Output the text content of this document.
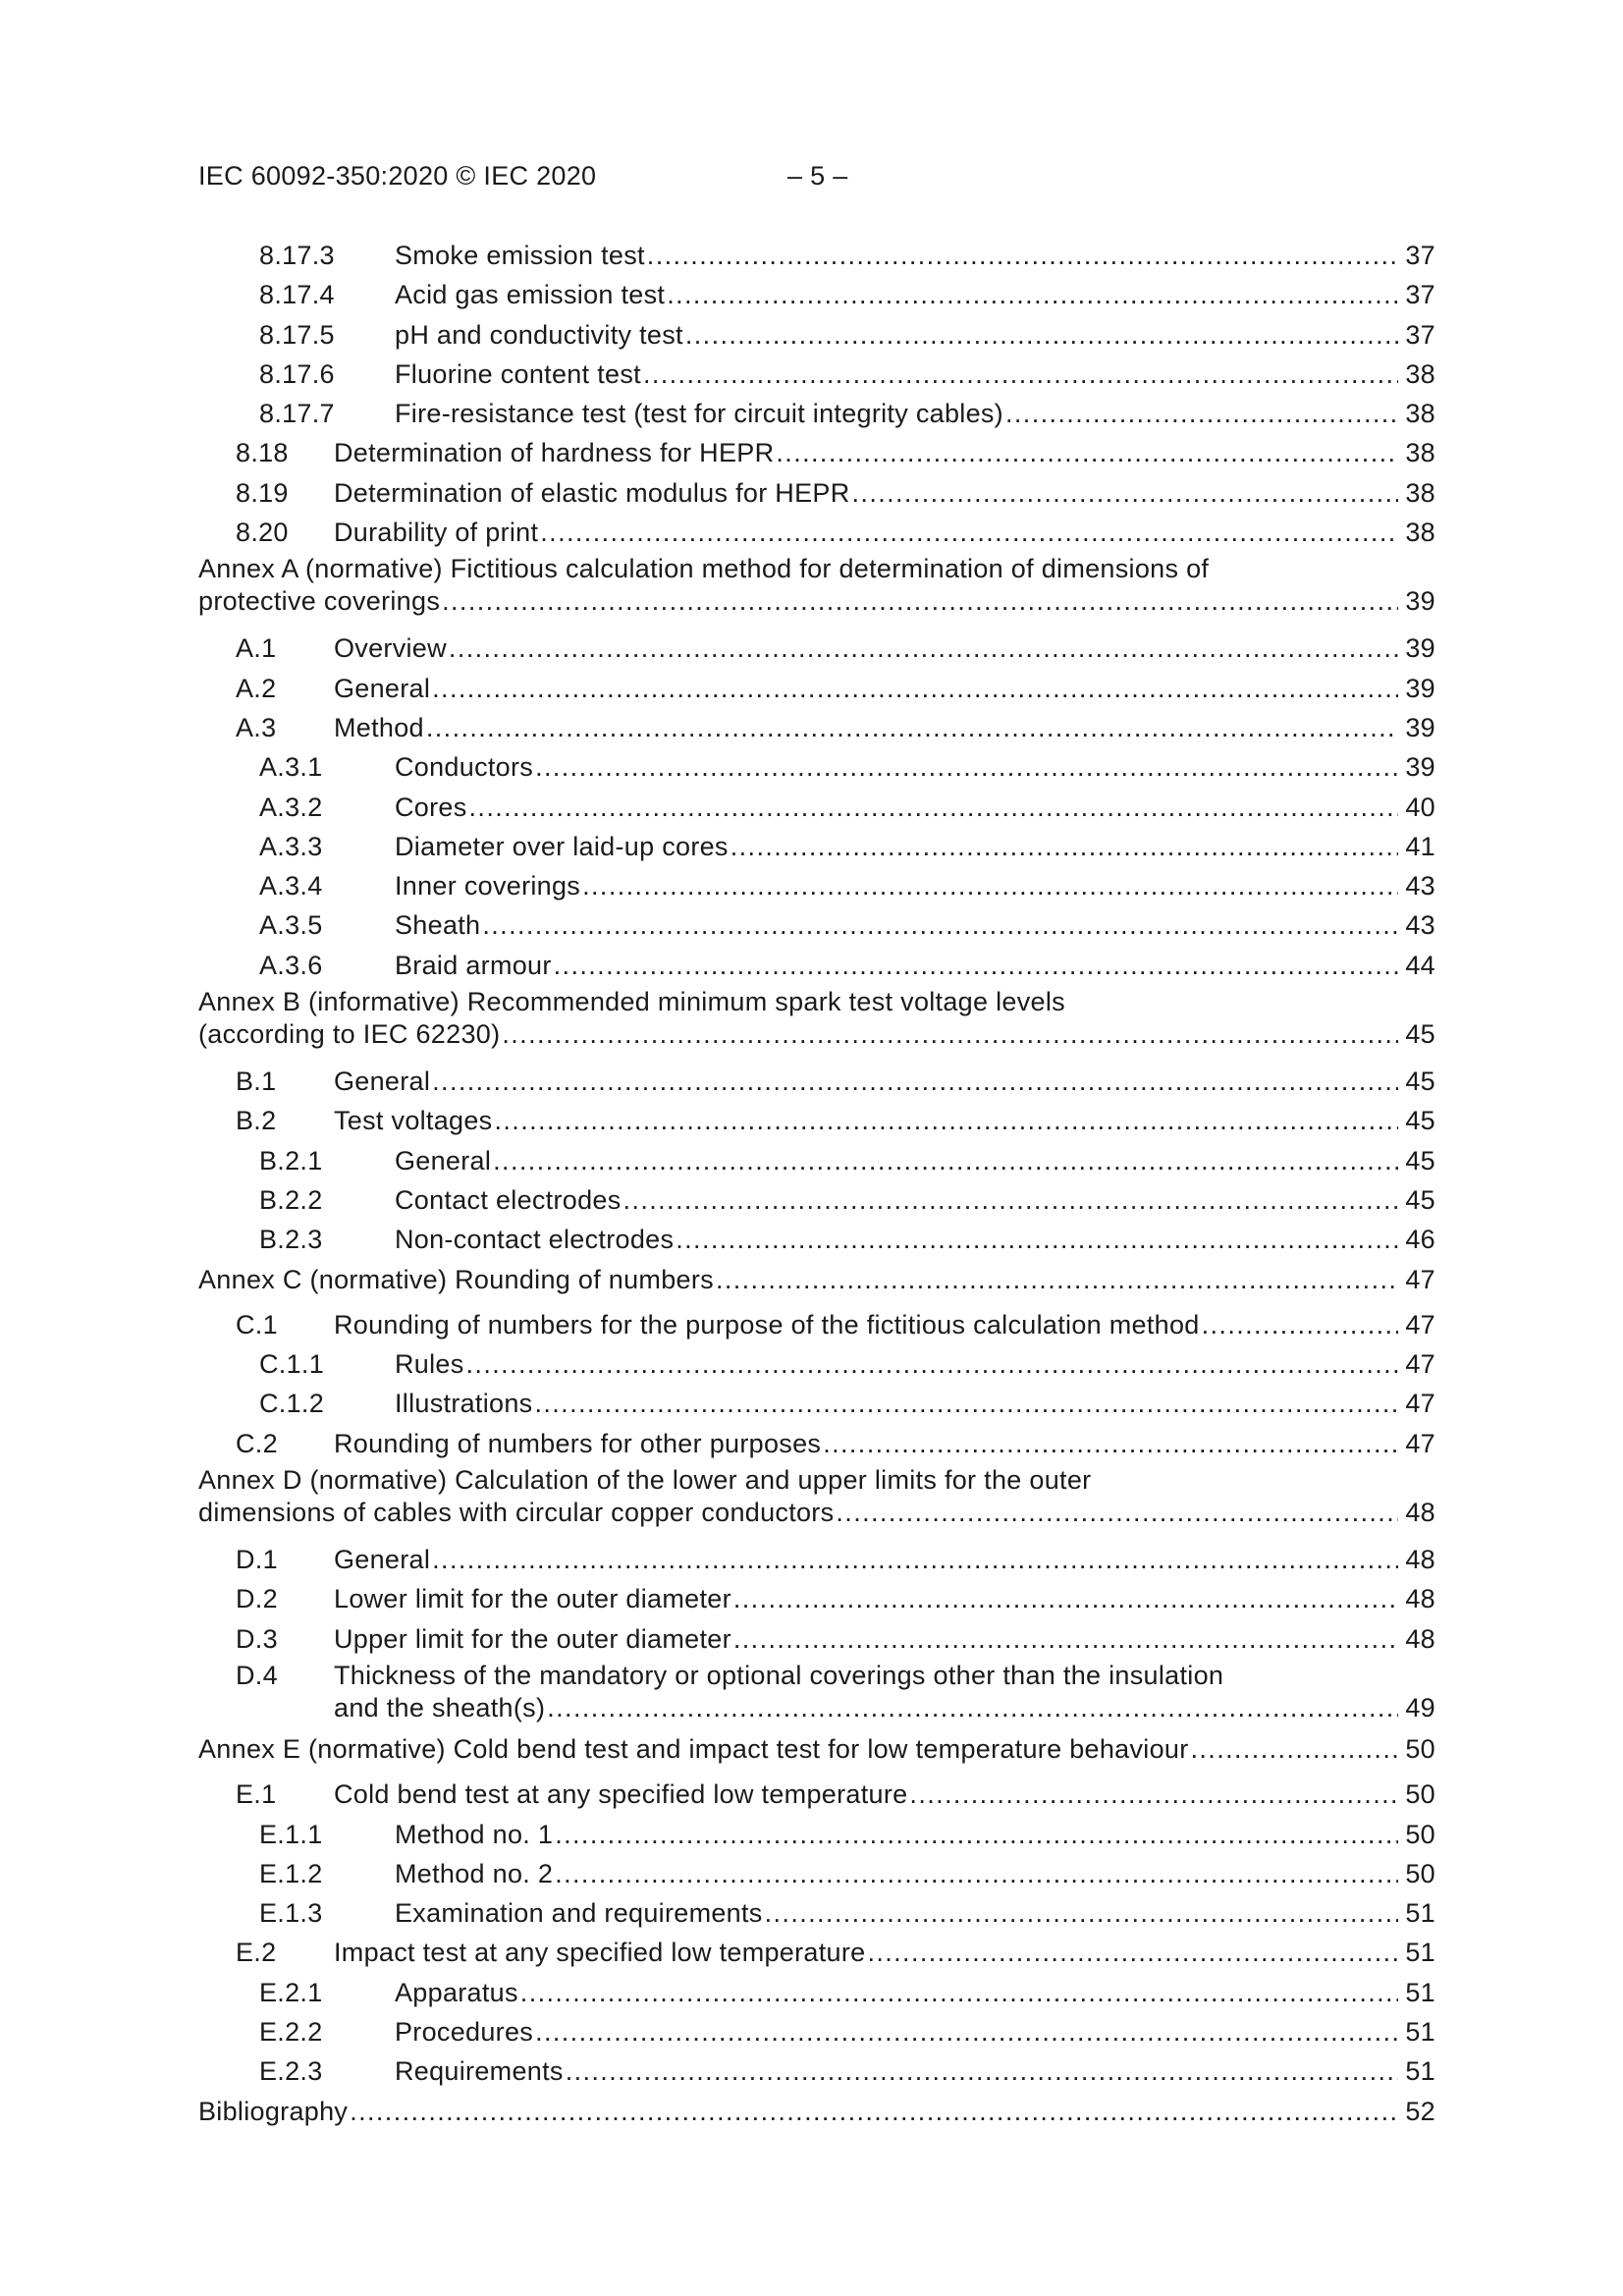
IEC 60092-350:2020 © IEC 2020	– 5 –
8.17.3	Smoke emission test .....	37
8.17.4	Acid gas emission test .....	37
8.17.5	pH and conductivity test .....	37
8.17.6	Fluorine content test .....	38
8.17.7	Fire-resistance test (test for circuit integrity cables) .....	38
8.18	Determination of hardness for HEPR .....	38
8.19	Determination of elastic modulus for HEPR .....	38
8.20	Durability of print .....	38
Annex A (normative) Fictitious calculation method for determination of dimensions of
protective coverings .....	39
A.1	Overview .....	39
A.2	General .....	39
A.3	Method .....	39
A.3.1	Conductors .....	39
A.3.2	Cores .....	40
A.3.3	Diameter over laid-up cores .....	41
A.3.4	Inner coverings .....	43
A.3.5	Sheath .....	43
A.3.6	Braid armour .....	44
Annex B (informative) Recommended minimum spark test voltage levels
(according to IEC 62230) .....	45
B.1	General .....	45
B.2	Test voltages .....	45
B.2.1	General .....	45
B.2.2	Contact electrodes .....	45
B.2.3	Non-contact electrodes .....	46
Annex C (normative) Rounding of numbers .....	47
C.1	Rounding of numbers for the purpose of the fictitious calculation method .....	47
C.1.1	Rules .....	47
C.1.2	Illustrations .....	47
C.2	Rounding of numbers for other purposes .....	47
Annex D (normative) Calculation of the lower and upper limits for the outer
dimensions of cables with circular copper conductors .....	48
D.1	General .....	48
D.2	Lower limit for the outer diameter .....	48
D.3	Upper limit for the outer diameter .....	48
D.4	Thickness of the mandatory or optional coverings other than the insulation
and the sheath(s) .....	49
Annex E (normative) Cold bend test and impact test for low temperature behaviour .....	50
E.1	Cold bend test at any specified low temperature .....	50
E.1.1	Method no. 1 .....	50
E.1.2	Method no. 2 .....	50
E.1.3	Examination and requirements .....	51
E.2	Impact test at any specified low temperature .....	51
E.2.1	Apparatus .....	51
E.2.2	Procedures .....	51
E.2.3	Requirements .....	51
Bibliography .....	52
